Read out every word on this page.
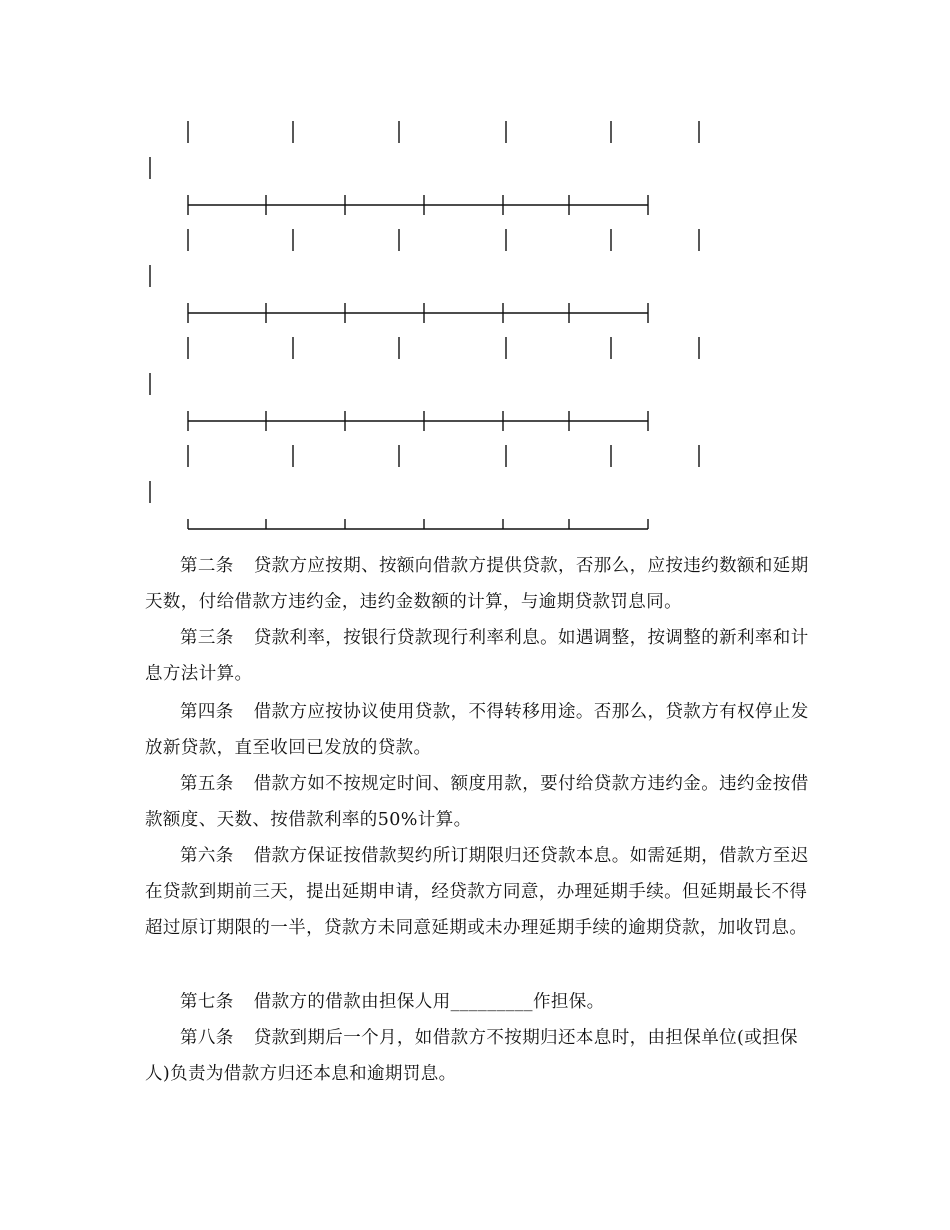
第二条 贷款方应按期、按额向借款方提供贷款，否那么，应按违约数额和延期天数，付给借款方违约金，违约金数额的计算，与逾期贷款罚息同。

第三条 贷款利率，按银行贷款现行利率利息。如遇调整，按调整的新利率和计息方法计算。

第四条 借款方应按协议使用贷款，不得转移用途。否那么，贷款方有权停止发放新贷款，直至收回已发放的贷款。

第五条 借款方如不按规定时间、额度用款，要付给贷款方违约金。违约金按借款额度、天数、按借款利率的50%计算。

第六条 借款方保证按借款契约所订期限归还贷款本息。如需延期，借款方至迟在贷款到期前三天，提出延期申请，经贷款方同意，办理延期手续。但延期最长不得超过原订期限的一半，贷款方未同意延期或未办理延期手续的逾期贷款，加收罚息。

第七条 借款方的借款由担保人用_________作担保。

第八条 贷款到期后一个月，如借款方不按期归还本息时，由担保单位(或担保人)负责为借款方归还本息和逾期罚息。
